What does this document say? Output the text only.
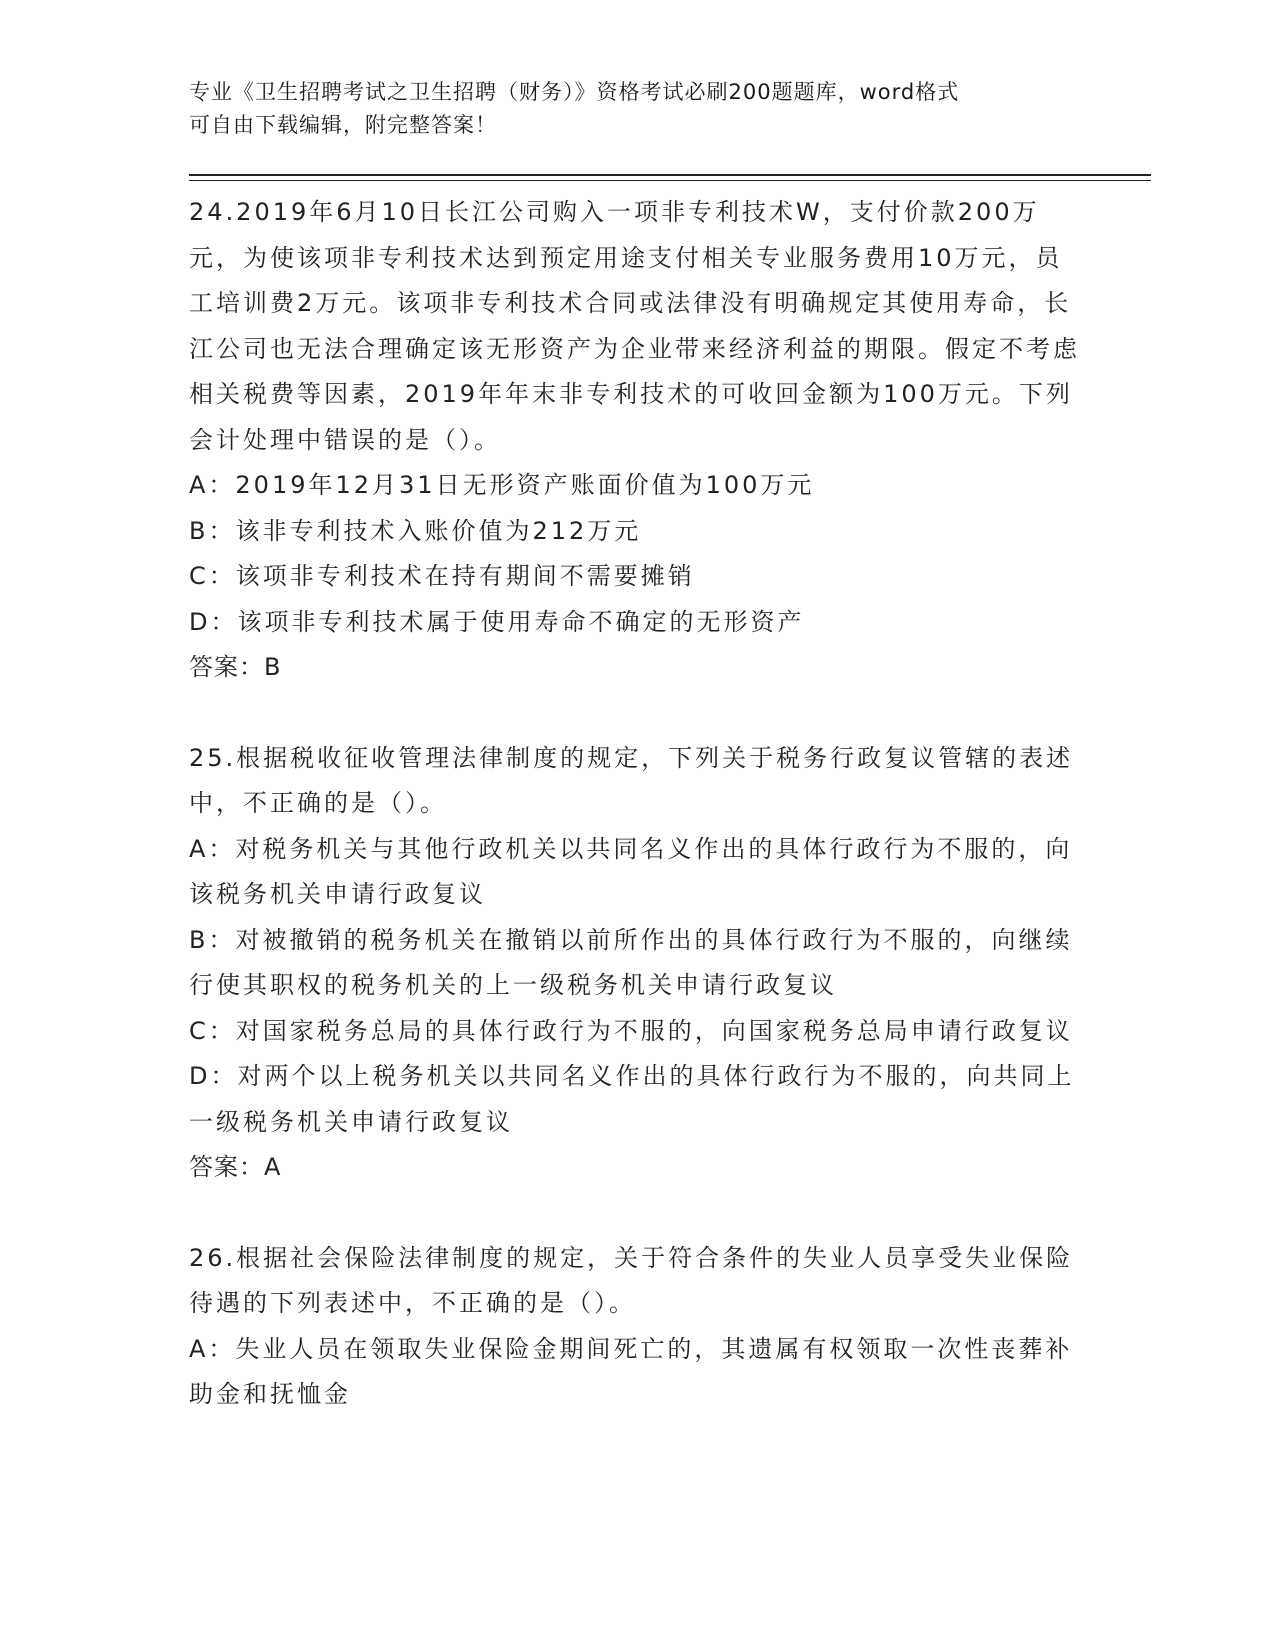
专业《卫生招聘考试之卫生招聘（财务）》资格考试必刷200题题库，word格式
可自由下载编辑，附完整答案！
24.2019年6月10日长江公司购入一项非专利技术W，支付价款200万元，为使该项非专利技术达到预定用途支付相关专业服务费用10万元，员工培训费2万元。该项非专利技术合同或法律没有明确规定其使用寿命，长江公司也无法合理确定该无形资产为企业带来经济利益的期限。假定不考虑相关税费等因素，2019年年末非专利技术的可收回金额为100万元。下列会计处理中错误的是（）。
A：2019年12月31日无形资产账面价值为100万元
B：该非专利技术入账价值为212万元
C：该项非专利技术在持有期间不需要摊销
D：该项非专利技术属于使用寿命不确定的无形资产
答案：B
25.根据税收征收管理法律制度的规定，下列关于税务行政复议管辖的表述中，不正确的是（）。
A：对税务机关与其他行政机关以共同名义作出的具体行政行为不服的，向该税务机关申请行政复议
B：对被撤销的税务机关在撤销以前所作出的具体行政行为不服的，向继续行使其职权的税务机关的上一级税务机关申请行政复议
C：对国家税务总局的具体行政行为不服的，向国家税务总局申请行政复议
D：对两个以上税务机关以共同名义作出的具体行政行为不服的，向共同上一级税务机关申请行政复议
答案：A
26.根据社会保险法律制度的规定，关于符合条件的失业人员享受失业保险待遇的下列表述中，不正确的是（）。
A：失业人员在领取失业保险金期间死亡的，其遗属有权领取一次性丧葬补助金和抚恤金
